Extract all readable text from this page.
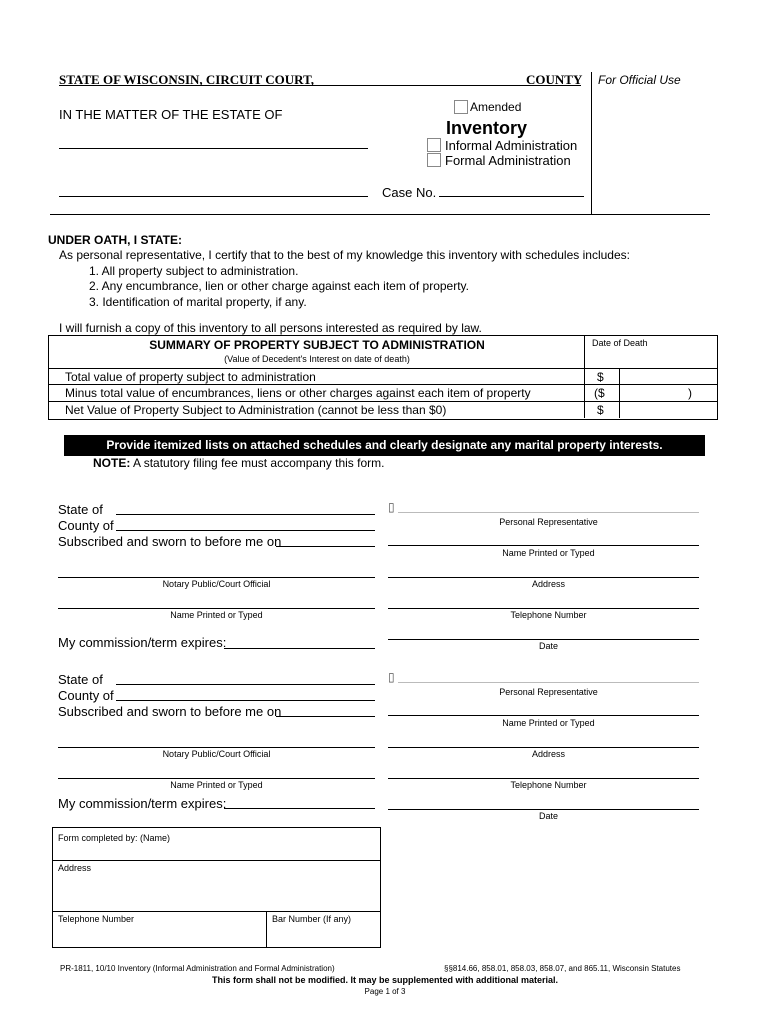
STATE OF WISCONSIN, CIRCUIT COURT,	COUNTY For Official Use
IN THE MATTER OF THE ESTATE OF	Amended
Inventory
Informal Administration
Formal Administration
Case No.
UNDER OATH, I STATE:
As personal representative, I certify that to the best of my knowledge this inventory with schedules includes:
1. All property subject to administration.
2. Any encumbrance, lien or other charge against each item of property.
3. Identification of marital property, if any.
I will furnish a copy of this inventory to all persons interested as required by law.
SUMMARY OF PROPERTY SUBJECT TO ADMINISTRATION
(Value of Decedent's Interest on date of death)
Date of Death
Total value of property subject to administration	$
Minus total value of encumbrances, liens or other charges against each item of property	($	)
Net Value of Property Subject to Administration (cannot be less than $0)	$
Provide itemized lists on attached schedules and clearly designate any marital property interests.
NOTE: A statutory filing fee must accompany this form.
State of
County of
Subscribed and sworn to before me on
Notary Public/Court Official
Name Printed or Typed
My commission/term expires:
▯
Personal Representative
Name Printed or Typed
Address
Telephone Number
Date
State of
County of
Subscribed and sworn to before me on
Notary Public/Court Official
Name Printed or Typed
My commission/term expires:
▯
Personal Representative
Name Printed or Typed
Address
Telephone Number
Date
Form completed by: (Name)
Address
Telephone Number	Bar Number (If any)
PR-1811, 10/10 Inventory (Informal Administration and Formal Administration)	§§814.66, 858.01, 858.03, 858.07, and 865.11, Wisconsin Statutes
This form shall not be modified. It may be supplemented with additional material.
Page 1 of 3
